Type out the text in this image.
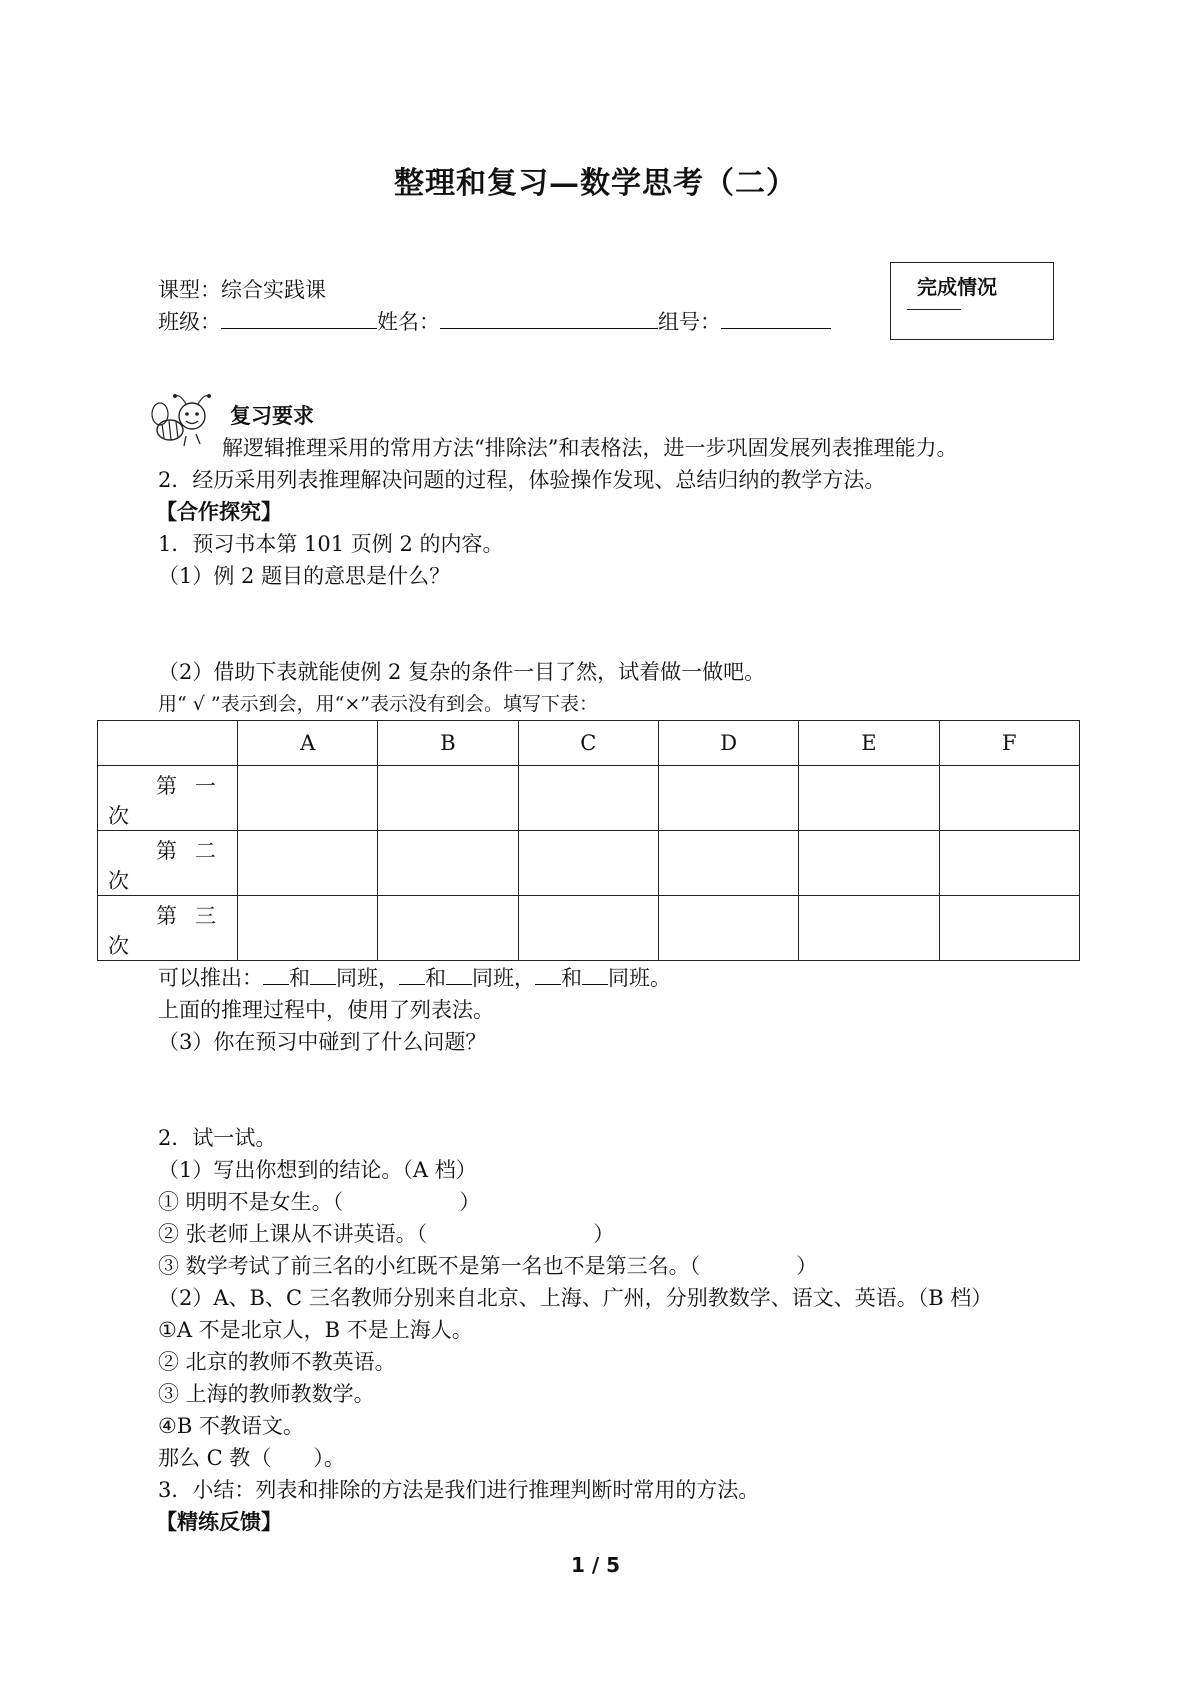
整理和复习—数学思考（二）
课型：综合实践课
班级：	姓名：	组号：
完成情况
复习要求
解逻辑推理采用的常用方法“排除法”和表格法，进一步巩固发展列表推理能力。
2．经历采用列表推理解决问题的过程，体验操作发现、总结归纳的教学方法。
【合作探究】
1．预习书本第 101 页例 2 的内容。
（1）例 2 题目的意思是什么？
（2）借助下表就能使例 2 复杂的条件一目了然，试着做一做吧。
用“ √ ”表示到会，用“×”表示没有到会。填写下表：
	A	B	C	D	E	F

第一
次						

第二
次						

第三
次						

可以推出： 和 同班， 和 同班， 和 同班。
上面的推理过程中，使用了列表法。
（3）你在预习中碰到了什么问题？
2．试一试。
（1）写出你想到的结论。（A 档）
① 明明不是女生。（	）
② 张老师上课从不讲英语。（	）
③ 数学考试了前三名的小红既不是第一名也不是第三名。（	）
（2）A、B、C 三名教师分别来自北京、上海、广州，分别教数学、语文、英语。（B 档）
①A 不是北京人，B 不是上海人。
② 北京的教师不教英语。
③ 上海的教师教数学。
④B 不教语文。
那么 C 教（　　）。
3．小结：列表和排除的方法是我们进行推理判断时常用的方法。
【精练反馈】
1 / 5
